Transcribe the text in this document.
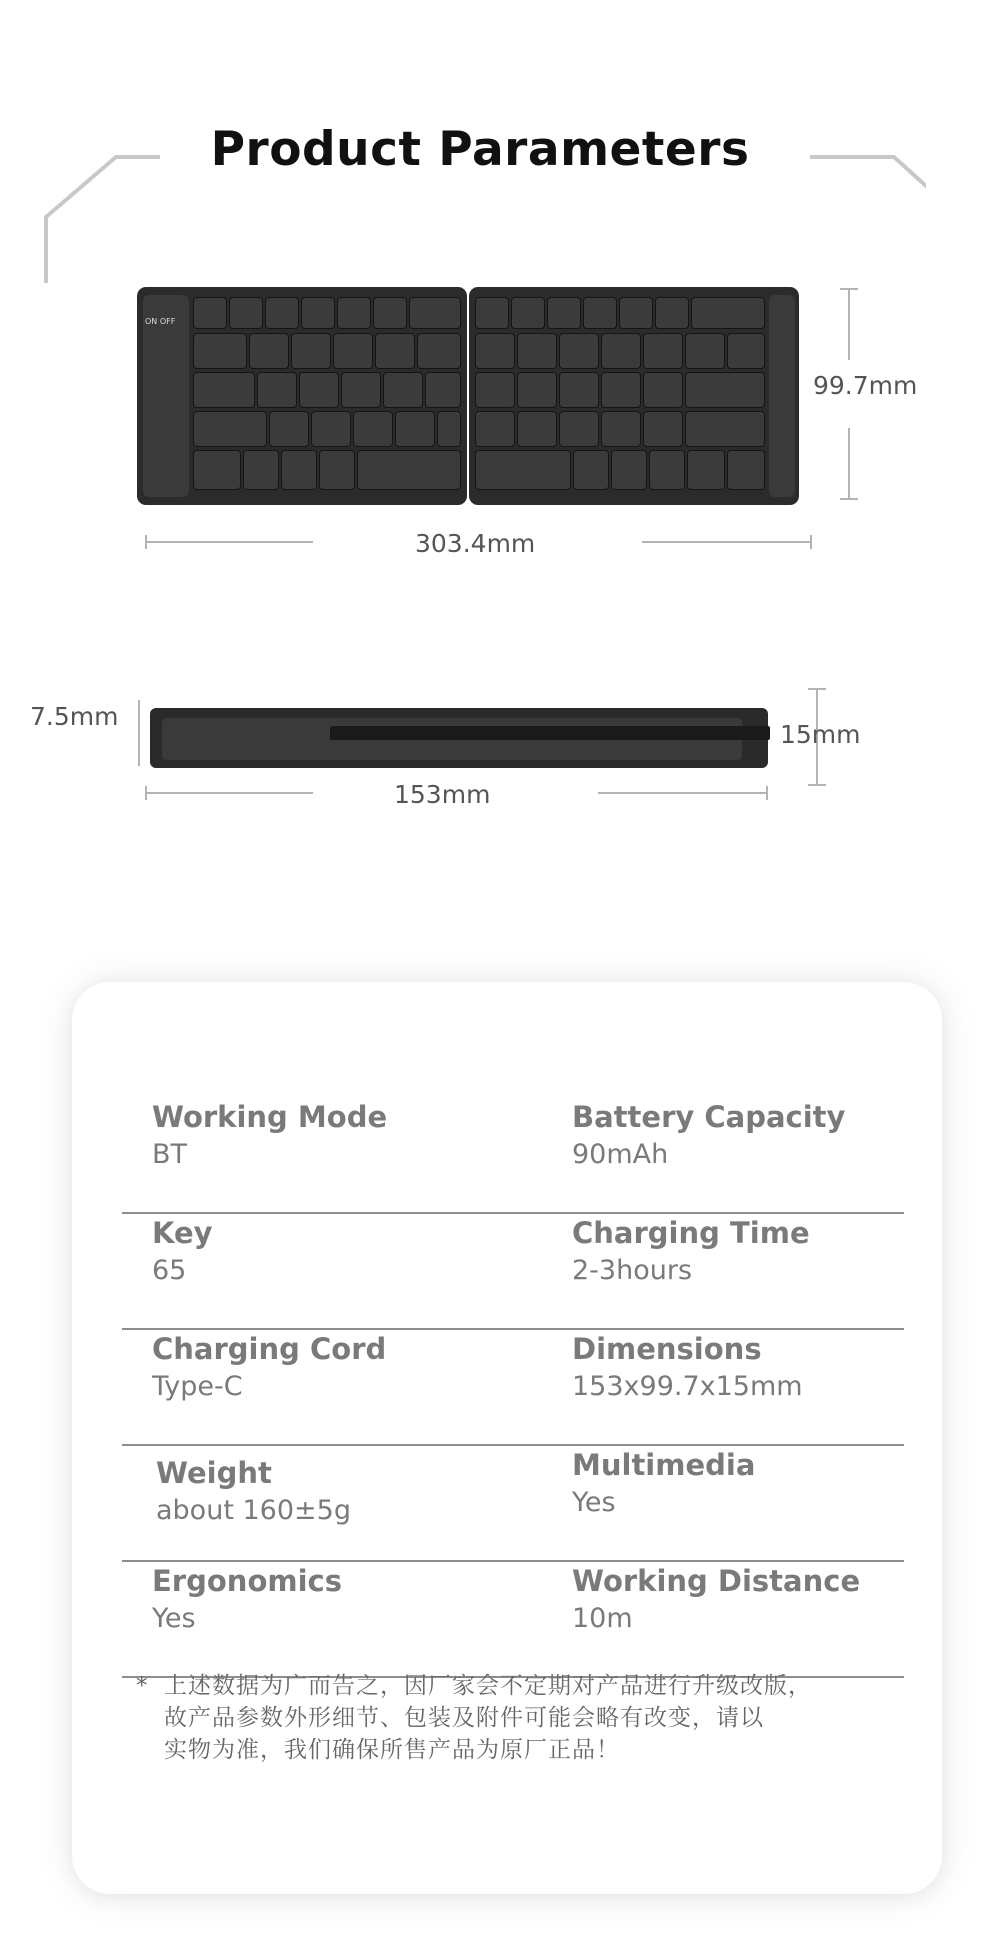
Product Parameters
ON OFF
99.7mm
303.4mm
7.5mm
15mm
153mm
Working Mode
BT
Battery Capacity
90mAh
Key
65
Charging Time
2-3hours
Charging Cord
Type-C
Dimensions
153x99.7x15mm
Weight
about 160±5g
Multimedia
Yes
Ergonomics
Yes
Working Distance
10m
* 上述数据为广而告之，因厂家会不定期对产品进行升级改版，
故产品参数外形细节、包装及附件可能会略有改变，请以
实物为准，我们确保所售产品为原厂正品！
